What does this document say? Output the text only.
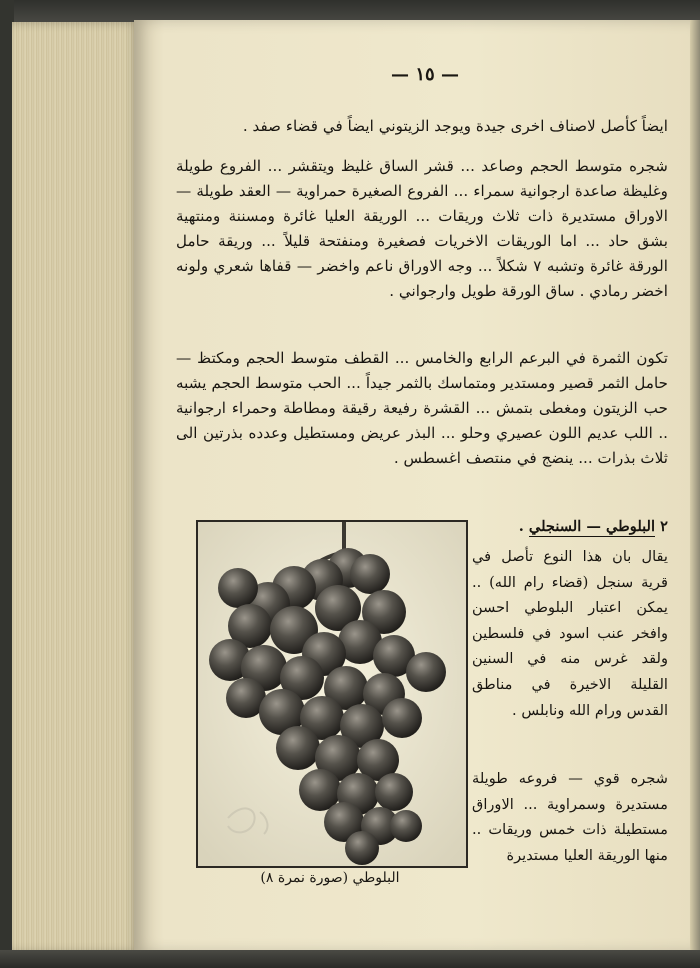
— ١٥ —
ايضاً كأصل لاصناف اخرى جيدة ويوجد الزيتوني ايضاً في قضاء صفد .
شجره متوسط الحجم وصاعد ... قشر الساق غليظ ويتقشر ... الفروع طويلة وغليظة صاعدة ارجوانية سمراء ... الفروع الصغيرة حمراوية — العقد طويلة — الاوراق مستديرة ذات ثلاث وريقات ... الوريقة العليا غائرة ومسننة ومنتهية بشق حاد ... اما الوريقات الاخريات فصغيرة ومنفتحة قليلاً ... وريقة حامل الورقة غائرة وتشبه ٧ شكلاً ... وجه الاوراق ناعم واخضر — قفاها شعري ولونه اخضر رمادي . ساق الورقة طويل وارجواني .
تكون الثمرة في البرعم الرابع والخامس ... القطف متوسط الحجم ومكتظ — حامل الثمر قصير ومستدير ومتماسك بالثمر جيداً ... الحب متوسط الحجم يشبه حب الزيتون ومغطى بتمش ... القشرة رفيعة رقيقة ومطاطة وحمراء ارجوانية .. اللب عديم اللون عصيري وحلو ... البذر عريض ومستطيل وعدده بذرتين الى ثلاث بذرات ... ينضج في منتصف اغسطس .
٢ البلوطي — السنجلي .
يقال بان هذا النوع تأصل في قرية سنجل (قضاء رام الله) .. يمكن اعتبار البلوطي احسن وافخر عنب اسود في فلسطين ولقد غرس منه في السنين القليلة الاخيرة في مناطق القدس ورام الله ونابلس .
شجره قوي — فروعه طويلة مستديرة وسمراوية ... الاوراق مستطيلة ذات خمس وريقات .. منها الوريقة العليا مستديرة
البلوطي (صورة نمرة ٨)
